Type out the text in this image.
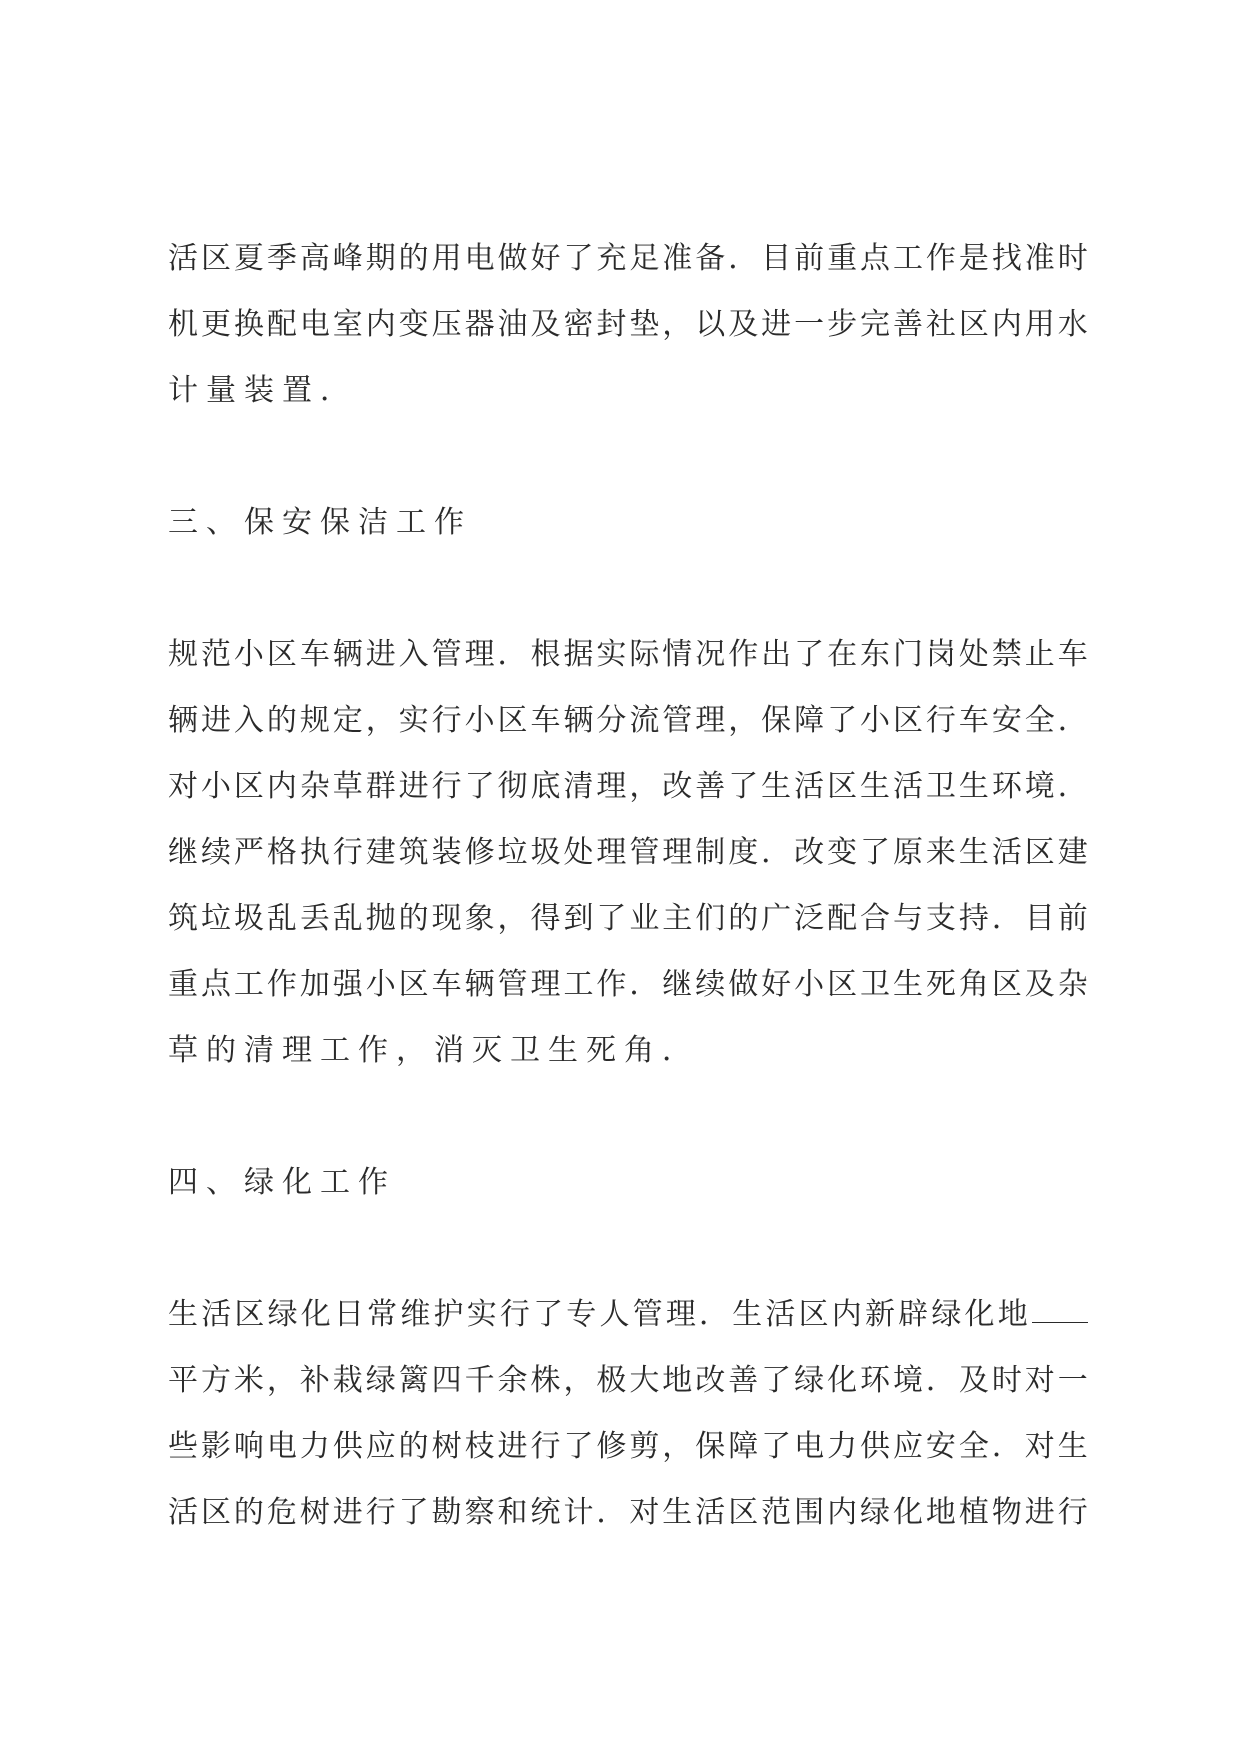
活 区 夏 季 高 峰 期 的 用 电 做 好 了 充 足 准 备 ． 目 前 重 点 工 作 是 找 准 时
机 更 换 配 电 室 内 变 压 器 油 及 密 封 垫 ， 以 及 进 一 步 完 善 社 区 内 用 水
计量装置．
三、保安保洁工作
规 范 小 区 车 辆 进 入 管 理 ． 根 据 实 际 情 况 作 出 了 在 东 门 岗 处 禁 止 车
辆 进 入 的 规 定 ， 实 行 小 区 车 辆 分 流 管 理 ， 保 障 了 小 区 行 车 安 全 ．
对 小 区 内 杂 草 群 进 行 了 彻 底 清 理 ， 改 善 了 生 活 区 生 活 卫 生 环 境 ．
继 续 严 格 执 行 建 筑 装 修 垃 圾 处 理 管 理 制 度 ． 改 变 了 原 来 生 活 区 建
筑 垃 圾 乱 丢 乱 抛 的 现 象 ， 得 到 了 业 主 们 的 广 泛 配 合 与 支 持 ． 目 前
重 点 工 作 加 强 小 区 车 辆 管 理 工 作 ． 继 续 做 好 小 区 卫 生 死 角 区 及 杂
草的清理工作，消灭卫生死角．
四、绿化工作
生 活 区 绿 化 日 常 维 护 实 行 了 专 人 管 理 ． 生 活 区 内 新 辟 绿 化 地
平 方 米 ， 补 栽 绿 篱 四 千 余 株 ， 极 大 地 改 善 了 绿 化 环 境 ． 及 时 对 一
些 影 响 电 力 供 应 的 树 枝 进 行 了 修 剪 ， 保 障 了 电 力 供 应 安 全 ． 对 生
活 区 的 危 树 进 行 了 勘 察 和 统 计 ． 对 生 活 区 范 围 内 绿 化 地 植 物 进 行
